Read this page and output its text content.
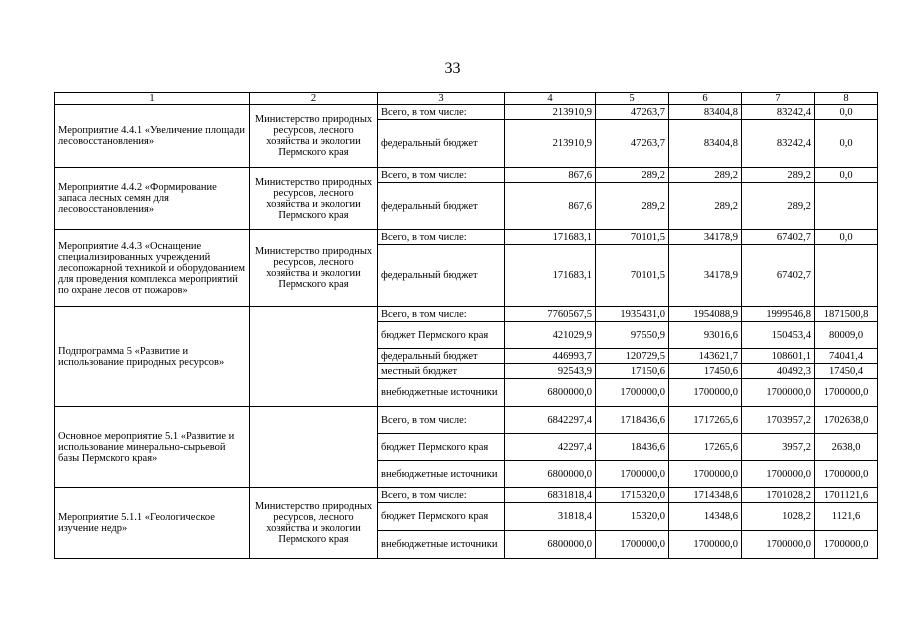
33
1	2	3	4	5	6	7	8
Мероприятие 4.4.1 «Увеличение площади лесовосстановления»	Министерство природных ресурсов, лесного хозяйства и экологии Пермского края	Всего, в том числе:	213910,9	47263,7	83404,8	83242,4	0,0
		федеральный бюджет	213910,9	47263,7	83404,8	83242,4	0,0
Мероприятие 4.4.2 «Формирование запаса лесных семян для лесовосстановления»	Министерство природных ресурсов, лесного хозяйства и экологии Пермского края	Всего, в том числе:	867,6	289,2	289,2	289,2	0,0
		федеральный бюджет	867,6	289,2	289,2	289,2	
Мероприятие 4.4.3 «Оснащение специализированных учреждений лесопожарной техникой и оборудованием для проведения комплекса мероприятий по охране лесов от пожаров»	Министерство природных ресурсов, лесного хозяйства и экологии Пермского края	Всего, в том числе:	171683,1	70101,5	34178,9	67402,7	0,0
		федеральный бюджет	171683,1	70101,5	34178,9	67402,7	
Подпрограмма 5 «Развитие и использование природных ресурсов»		Всего, в том числе:	7760567,5	1935431,0	1954088,9	1999546,8	1871500,8
		бюджет Пермского края	421029,9	97550,9	93016,6	150453,4	80009,0
		федеральный бюджет	446993,7	120729,5	143621,7	108601,1	74041,4
		местный бюджет	92543,9	17150,6	17450,6	40492,3	17450,4
		внебюджетные источники	6800000,0	1700000,0	1700000,0	1700000,0	1700000,0
Основное мероприятие 5.1 «Развитие и использование минерально-сырьевой базы Пермского края»		Всего, в том числе:	6842297,4	1718436,6	1717265,6	1703957,2	1702638,0
		бюджет Пермского края	42297,4	18436,6	17265,6	3957,2	2638,0
		внебюджетные источники	6800000,0	1700000,0	1700000,0	1700000,0	1700000,0
Мероприятие 5.1.1 «Геологическое изучение недр»	Министерство природных ресурсов, лесного хозяйства и экологии Пермского края	Всего, в том числе:	6831818,4	1715320,0	1714348,6	1701028,2	1701121,6
		бюджет Пермского края	31818,4	15320,0	14348,6	1028,2	1121,6
		внебюджетные источники	6800000,0	1700000,0	1700000,0	1700000,0	1700000,0
